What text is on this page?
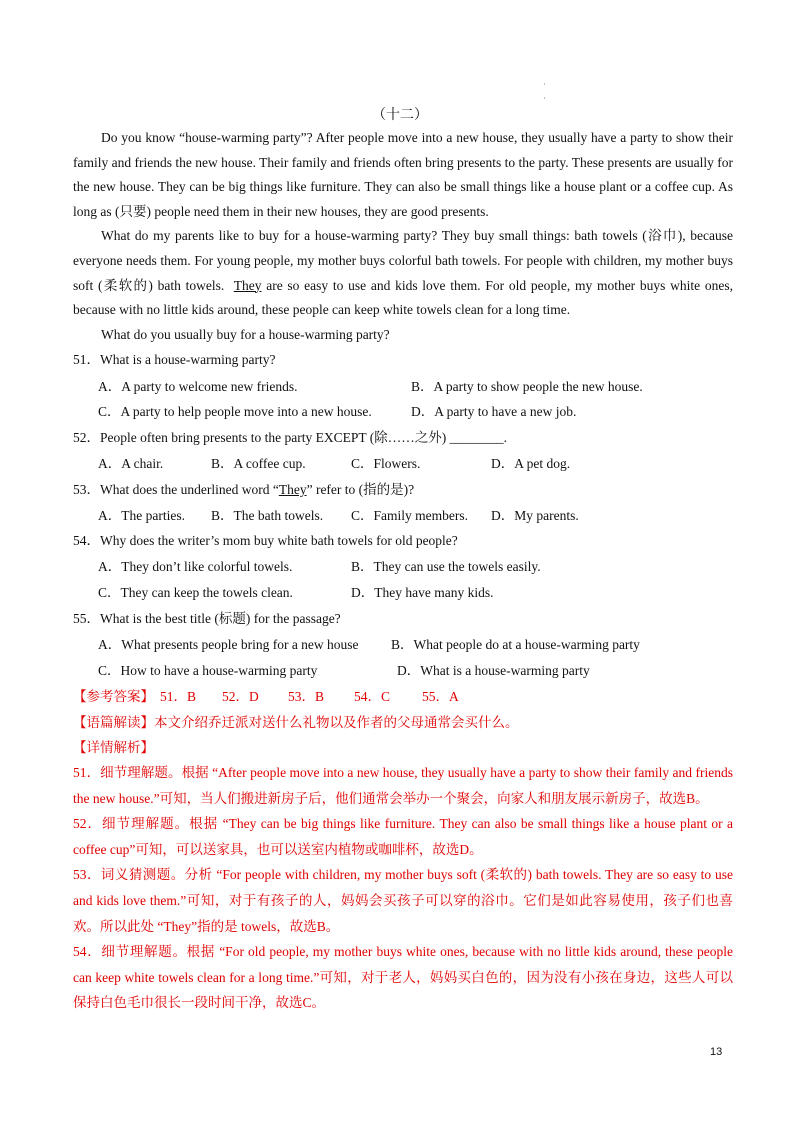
·
·
（十二）

Do you know “house-warming party”? After people move into a new house, they usually have a party to show their family and friends the new house. Their family and friends often bring presents to the party. These presents are usually for the new house. They can be big things like furniture. They can also be small things like a house plant or a coffee cup. As long as (只要) people need them in their new houses, they are good presents.

What do my parents like to buy for a house-warming party? They buy small things: bath towels (浴巾), because everyone needs them. For young people, my mother buys colorful bath towels. For people with children, my mother buys soft (柔软的) bath towels. They are so easy to use and kids love them. For old people, my mother buys white ones, because with no little kids around, these people can keep white towels clean for a long time.

What do you usually buy for a house-warming party?

51．What is a house-warming party?
A．A party to welcome new friends.	B．A party to show people the new house.
C．A party to help people move into a new house.	D．A party to have a new job.
52．People often bring presents to the party EXCEPT (除……之外) ________.
A．A chair.	B．A coffee cup.	C．Flowers.	D．A pet dog.
53．What does the underlined word “They” refer to (指的是)?
A．The parties. B．The bath towels. C．Family members. D．My parents.
54．Why does the writer’s mom buy white bath towels for old people?
A．They don’t like colorful towels.	B．They can use the towels easily.
C．They can keep the towels clean.	D．They have many kids.
55．What is the best title (标题) for the passage?
A．What presents people bring for a new house B．What people do at a house-warming party
C．How to have a house-warming party	D．What is a house-warming party
【参考答案】 51．B 52．D 53．B 54．C 55．A
【语篇解读】本文介绍乔迁派对送什么礼物以及作者的父母通常会买什么。
【详情解析】

51．细节理解题。根据 “After people move into a new house, they usually have a party to show their family and friends the new house.”可知，当人们搬进新房子后，他们通常会举办一个聚会，向家人和朋友展示新房子，故选B。

52．细节理解题。根据 “They can be big things like furniture. They can also be small things like a house plant or a coffee cup”可知，可以送家具，也可以送室内植物或咖啡杯，故选D。

53．词义猜测题。分析 “For people with children, my mother buys soft (柔软的) bath towels. They are so easy to use and kids love them.”可知，对于有孩子的人，妈妈会买孩子可以穿的浴巾。它们是如此容易使用，孩子们也喜欢。所以此处 “They”指的是 towels，故选B。

54．细节理解题。根据 “For old people, my mother buys white ones, because with no little kids around, these people can keep white towels clean for a long time.”可知，对于老人，妈妈买白色的，因为没有小孩在身边，这些人可以保持白色毛巾很长一段时间干净，故选C。

13
